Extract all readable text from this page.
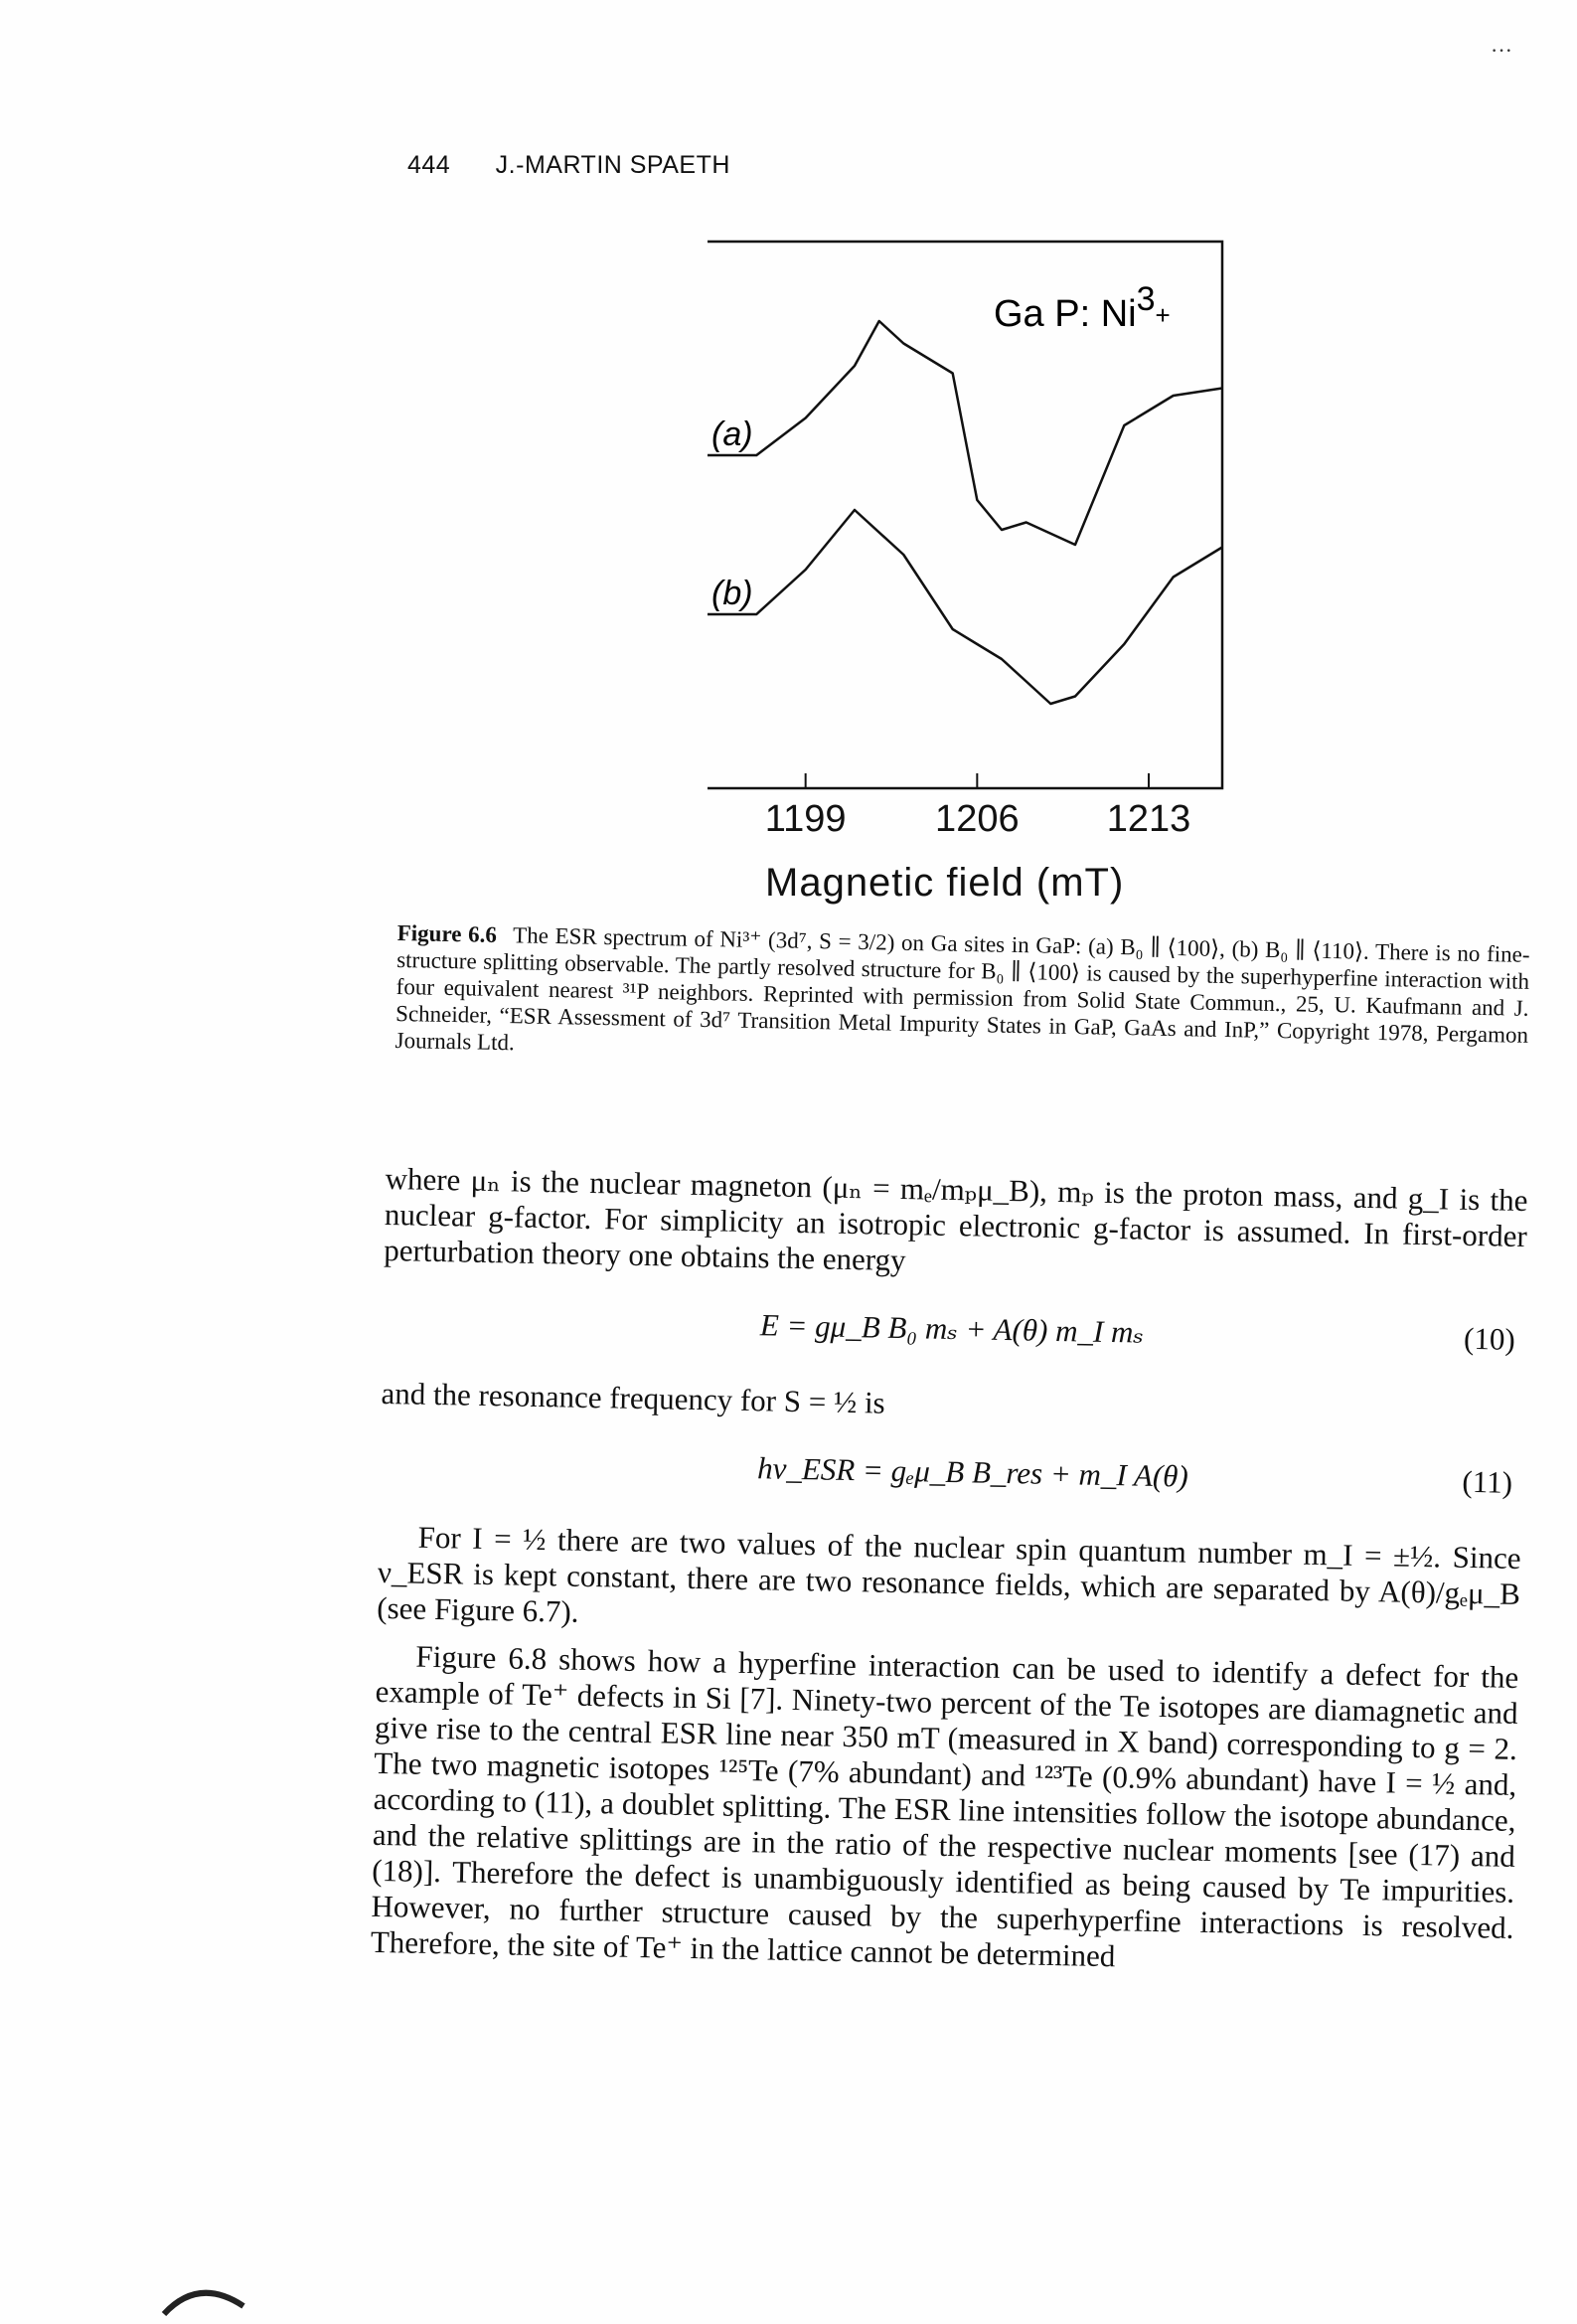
···
444 J.-MARTIN SPAETH
Ga P: $Ni3_+$
(a)
(b)
1199 1206 1213
Magnetic field (mT)
Figure 6.6 The ESR spectrum of Ni³⁺ (3d⁷, S = 3/2) on Ga sites in GaP: (a) B₀ ∥ ⟨100⟩, (b) B₀ ∥ ⟨110⟩. There is no fine-structure splitting observable. The partly resolved structure for B₀ ∥ ⟨100⟩ is caused by the superhyperfine interaction with four equivalent nearest ³¹P neighbors. Reprinted with permission from Solid State Commun., 25, U. Kaufmann and J. Schneider, “ESR Assessment of 3d⁷ Transition Metal Impurity States in GaP, GaAs and InP,” Copyright 1978, Pergamon Journals Ltd.

where μₙ is the nuclear magneton (μₙ = mₑ/mₚμ_B), mₚ is the proton mass, and g_I is the nuclear g-factor. For simplicity an isotropic electronic g-factor is assumed. In first-order perturbation theory one obtains the energy

E = gμ_B B₀ mₛ + A(θ) m_I mₛ	(10)

and the resonance frequency for S = ½ is

hν_ESR = gₑμ_B B_res + m_I A(θ)	(11)

For I = ½ there are two values of the nuclear spin quantum number m_I = ±½. Since ν_ESR is kept constant, there are two resonance fields, which are separated by A(θ)/gₑμ_B (see Figure 6.7).

Figure 6.8 shows how a hyperfine interaction can be used to identify a defect for the example of Te⁺ defects in Si [7]. Ninety-two percent of the Te isotopes are diamagnetic and give rise to the central ESR line near 350 mT (measured in X band) corresponding to g = 2. The two magnetic isotopes ¹²⁵Te (7% abundant) and ¹²³Te (0.9% abundant) have I = ½ and, according to (11), a doublet splitting. The ESR line intensities follow the isotope abundance, and the relative splittings are in the ratio of the respective nuclear moments [see (17) and (18)]. Therefore the defect is unambiguously identified as being caused by Te impurities. However, no further structure caused by the superhyperfine interactions is resolved. Therefore, the site of Te⁺ in the lattice cannot be determined
